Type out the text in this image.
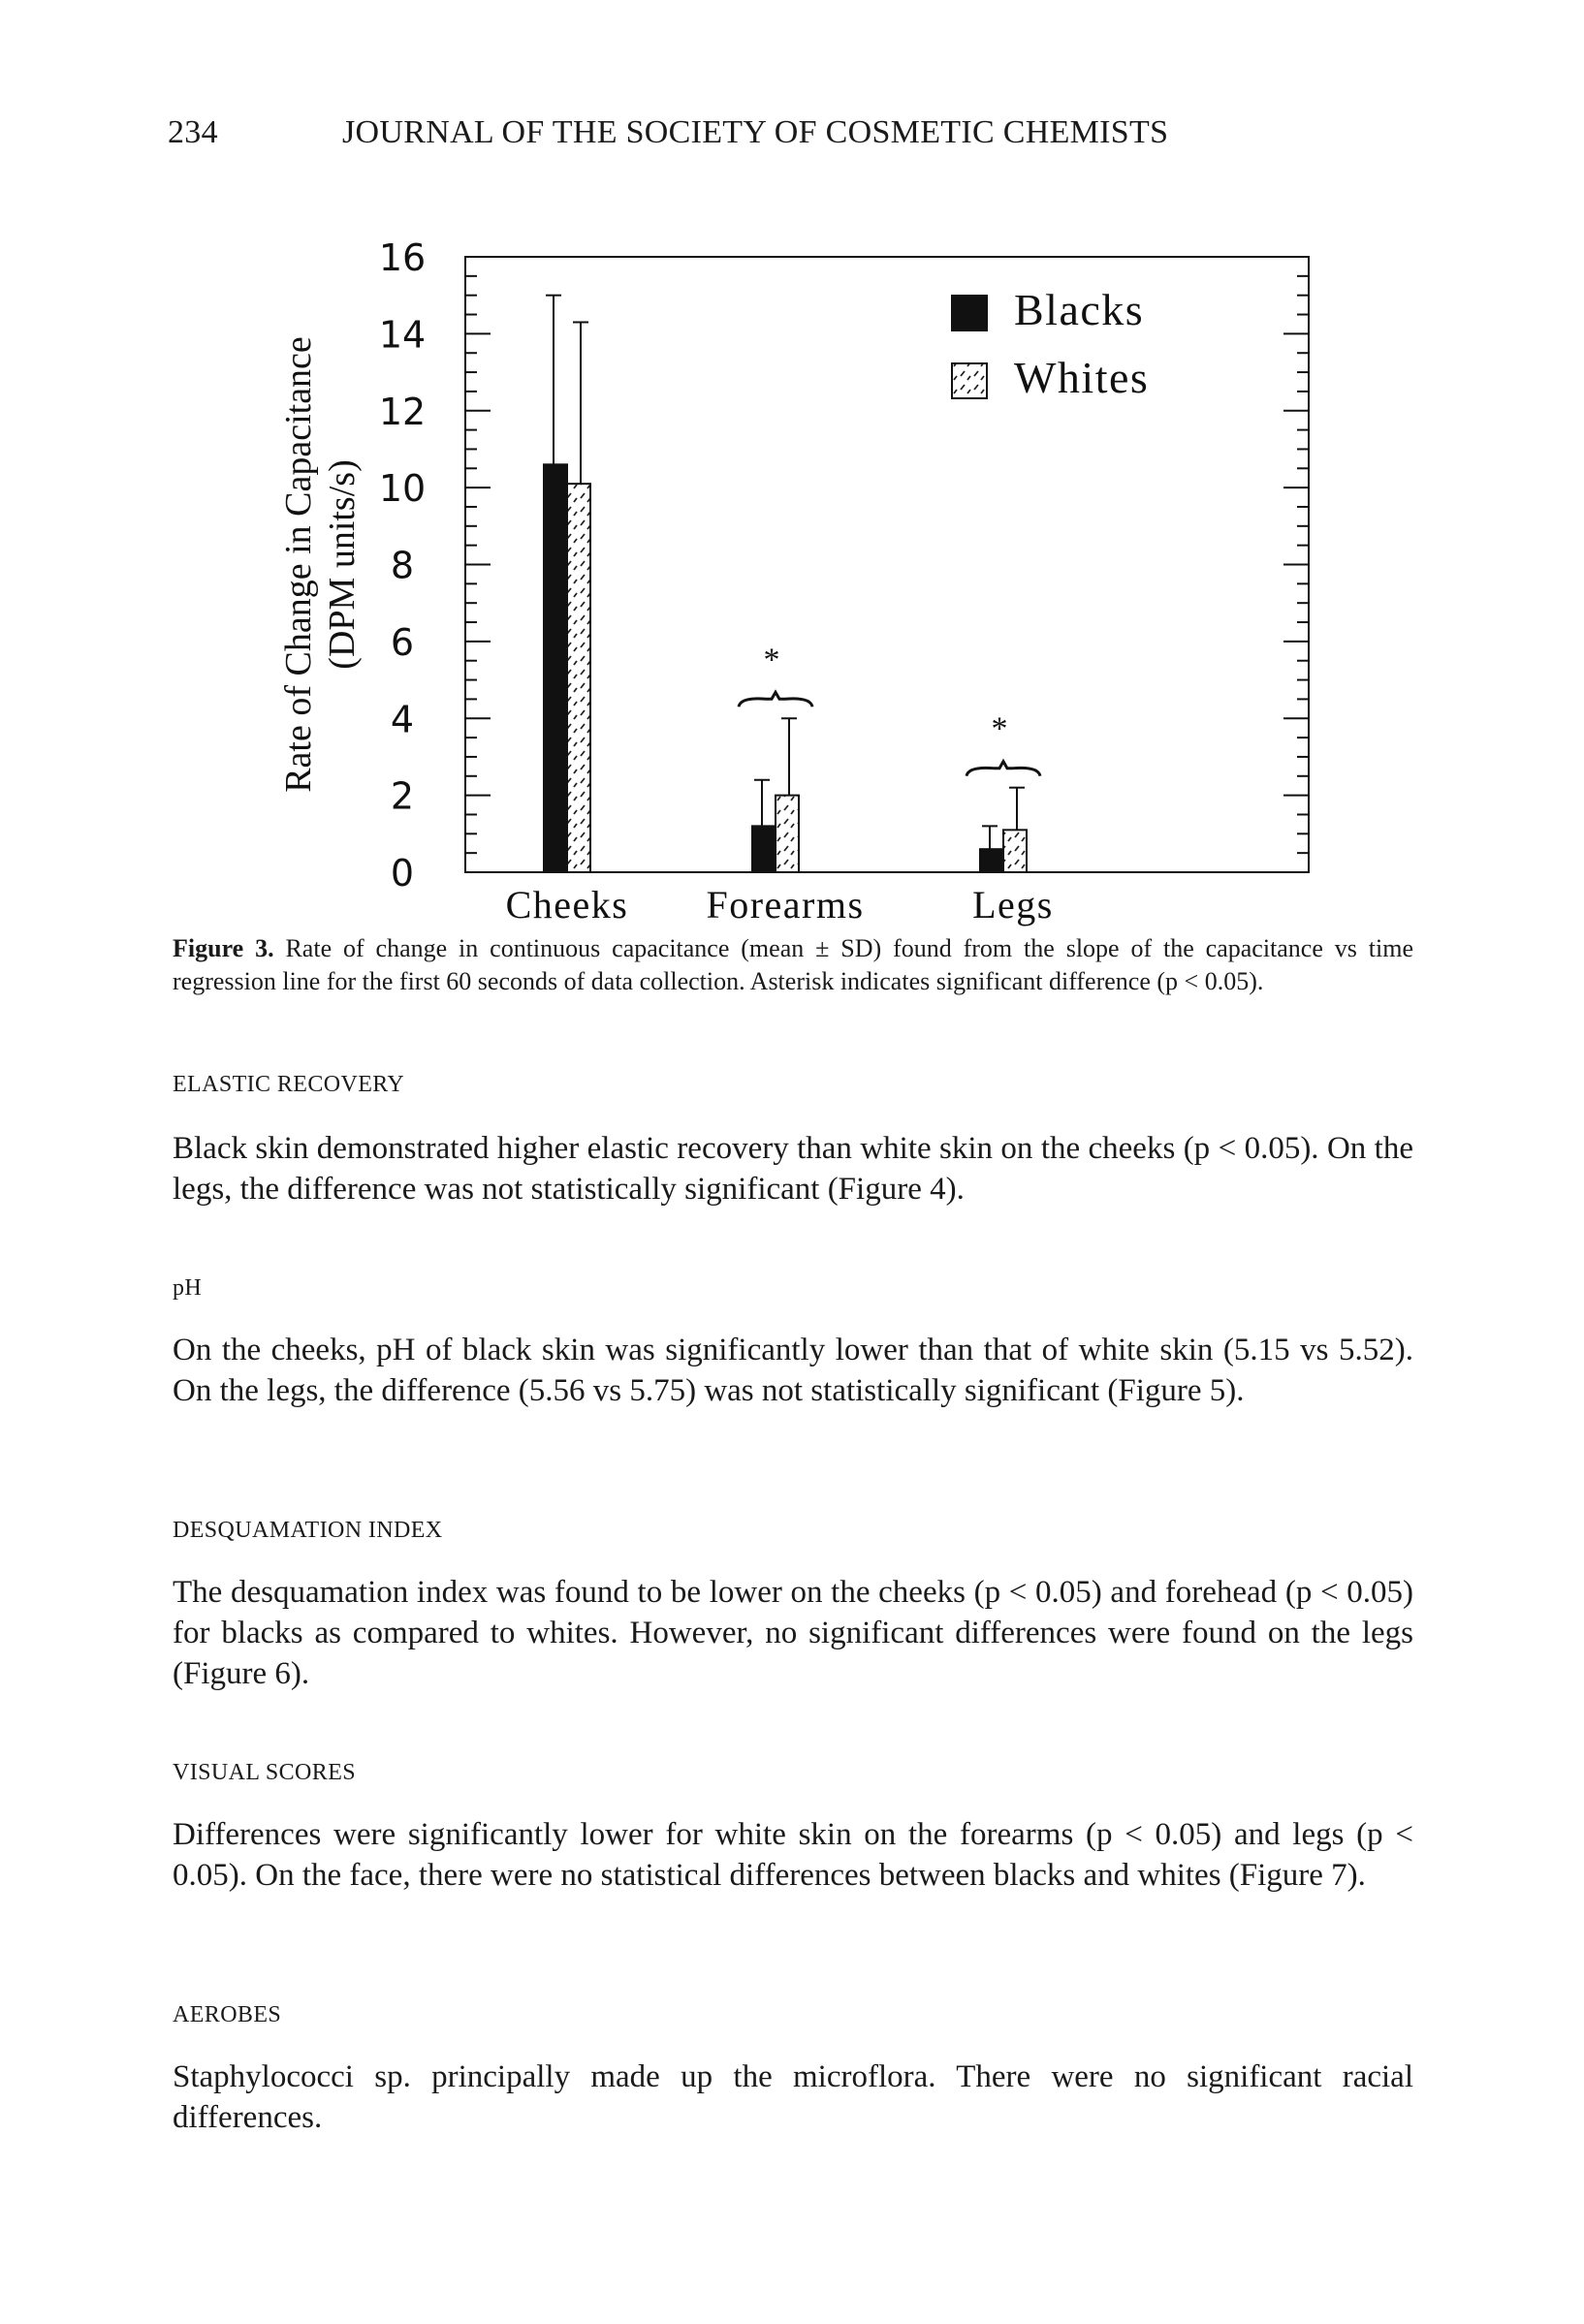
234	JOURNAL OF THE SOCIETY OF COSMETIC CHEMISTS
0
2
4
6
8
10
12
14
16
Rate of Change in Capacitance (DPM units/s)
Cheeks Forearms	Legs
*
*
Blacks
Whites
Figure 3. Rate of change in continuous capacitance (mean ± SD) found from the slope of the capacitance vs time regression line for the first 60 seconds of data collection. Asterisk indicates significant difference (p < 0.05).
ELASTIC RECOVERY
Black skin demonstrated higher elastic recovery than white skin on the cheeks (p < 0.05). On the legs, the difference was not statistically significant (Figure 4).
pH
On the cheeks, pH of black skin was significantly lower than that of white skin (5.15 vs 5.52). On the legs, the difference (5.56 vs 5.75) was not statistically significant (Figure 5).
DESQUAMATION INDEX
The desquamation index was found to be lower on the cheeks (p < 0.05) and forehead (p < 0.05) for blacks as compared to whites. However, no significant differences were found on the legs (Figure 6).
VISUAL SCORES
Differences were significantly lower for white skin on the forearms (p < 0.05) and legs (p < 0.05). On the face, there were no statistical differences between blacks and whites (Figure 7).
AEROBES
Staphylococci sp. principally made up the microflora. There were no significant racial differences.
